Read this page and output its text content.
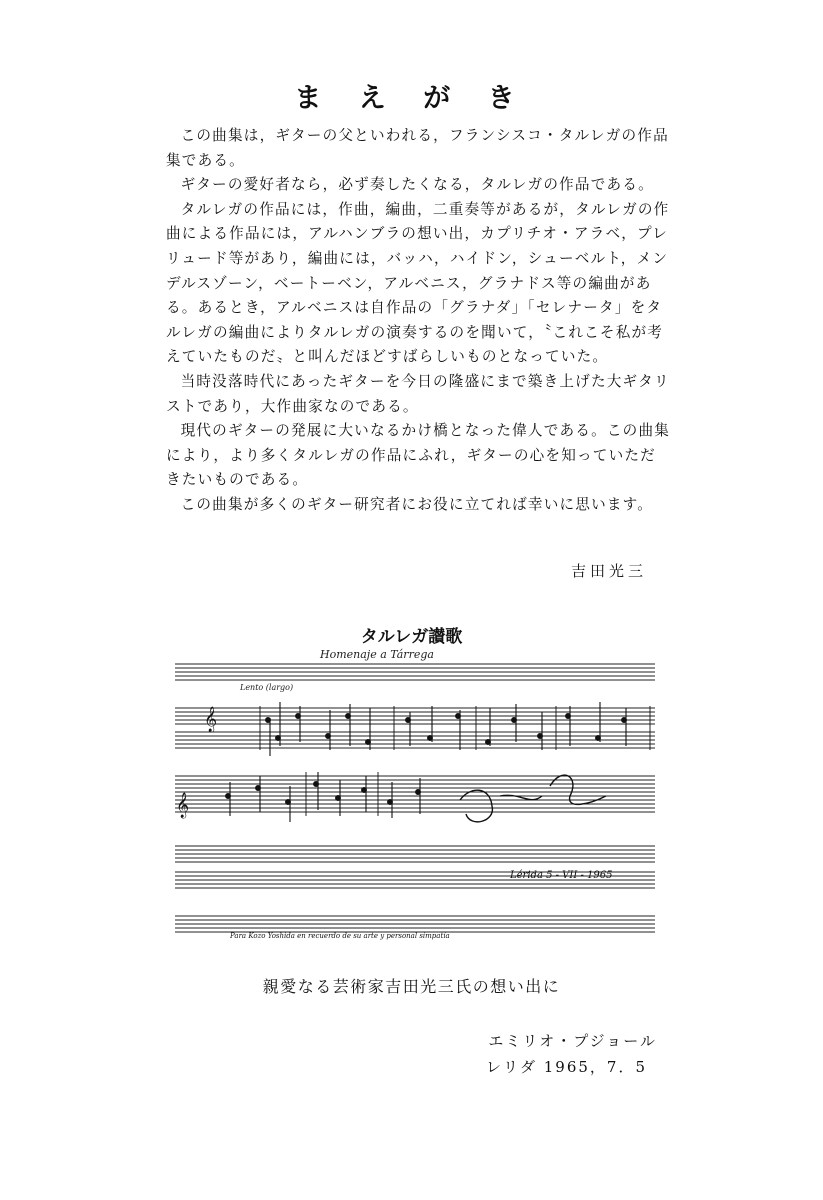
ま え が き

この曲集は，ギターの父といわれる，フランシスコ・タルレガの作品集である。

ギターの愛好者なら，必ず奏したくなる，タルレガの作品である。

タルレガの作品には，作曲，編曲，二重奏等があるが，タルレガの作曲による作品には，アルハンブラの想い出，カプリチオ・アラベ，プレリュード等があり，編曲には，バッハ，ハイドン，シューベルト，メンデルスゾーン，ベートーベン，アルベニス，グラナドス等の編曲がある。あるとき，アルベニスは自作品の「グラナダ」「セレナータ」をタルレガの編曲によりタルレガの演奏するのを聞いて，〝これこそ私が考えていたものだ〟と叫んだほどすばらしいものとなっていた。

当時没落時代にあったギターを今日の隆盛にまで築き上げた大ギタリストであり，大作曲家なのである。

現代のギターの発展に大いなるかけ橋となった偉人である。この曲集により，より多くタルレガの作品にふれ，ギターの心を知っていただきたいものである。

この曲集が多くのギター研究者にお役に立てれば幸いに思います。

吉田光三
タルレガ讃歌
Homenaje a Tárrega
Lento (largo)
𝄞
𝄞
Lérida 5 - VII - 1965
Para Kozo Yoshida en recuerdo de su arte y personal simpatía
親愛なる芸術家吉田光三氏の想い出に
エミリオ・プジョール
レリダ 1965，7．5
